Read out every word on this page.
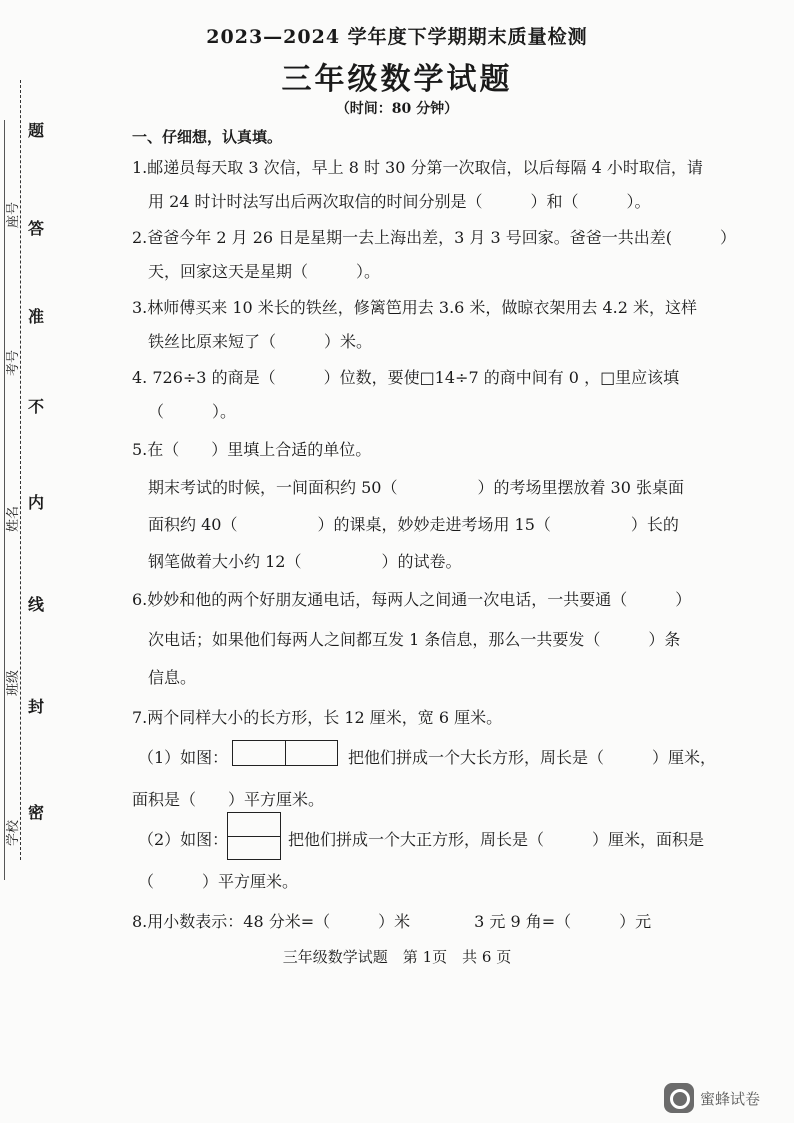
题
答
准
不
内
线
封
密
座号
考号
姓名
班级
学校
2023—2024 学年度下学期期末质量检测
三年级数学试题
（时间：80 分钟）
一、仔细想，认真填。
1.邮递员每天取 3 次信，早上 8 时 30 分第一次取信，以后每隔 4 小时取信，请
用 24 时计时法写出后两次取信的时间分别是（　　　）和（　　　）。
2.爸爸今年 2 月 26 日是星期一去上海出差，3 月 3 号回家。爸爸一共出差(　　　）
天，回家这天是星期（　　　）。
3.林师傅买来 10 米长的铁丝，修篱笆用去 3.6 米，做晾衣架用去 4.2 米，这样
铁丝比原来短了（　　　）米。
4. 726÷3 的商是（　　　）位数，要使□14÷7 的商中间有 0 ，□里应该填
（　　　）。
5.在（　　）里填上合适的单位。
期末考试的时候，一间面积约 50（　　　　　）的考场里摆放着 30 张桌面
面积约 40（　　　　　）的课桌，妙妙走进考场用 15（　　　　　）长的
钢笔做着大小约 12（　　　　　）的试卷。
6.妙妙和他的两个好朋友通电话，每两人之间通一次电话，一共要通（　　　）
次电话；如果他们每两人之间都互发 1 条信息，那么一共要发（　　　）条
信息。
7.两个同样大小的长方形，长 12 厘米，宽 6 厘米。
（1）如图：	把他们拼成一个大长方形，周长是（　　　）厘米，
面积是（　　）平方厘米。
（2）如图：	把他们拼成一个大正方形，周长是（　　　）厘米，面积是
（　　　）平方厘米。
8.用小数表示：48 分米=（　　　）米　　　　3 元 9 角=（　　　）元
三年级数学试题　第 1页　共 6 页
蜜蜂试卷
